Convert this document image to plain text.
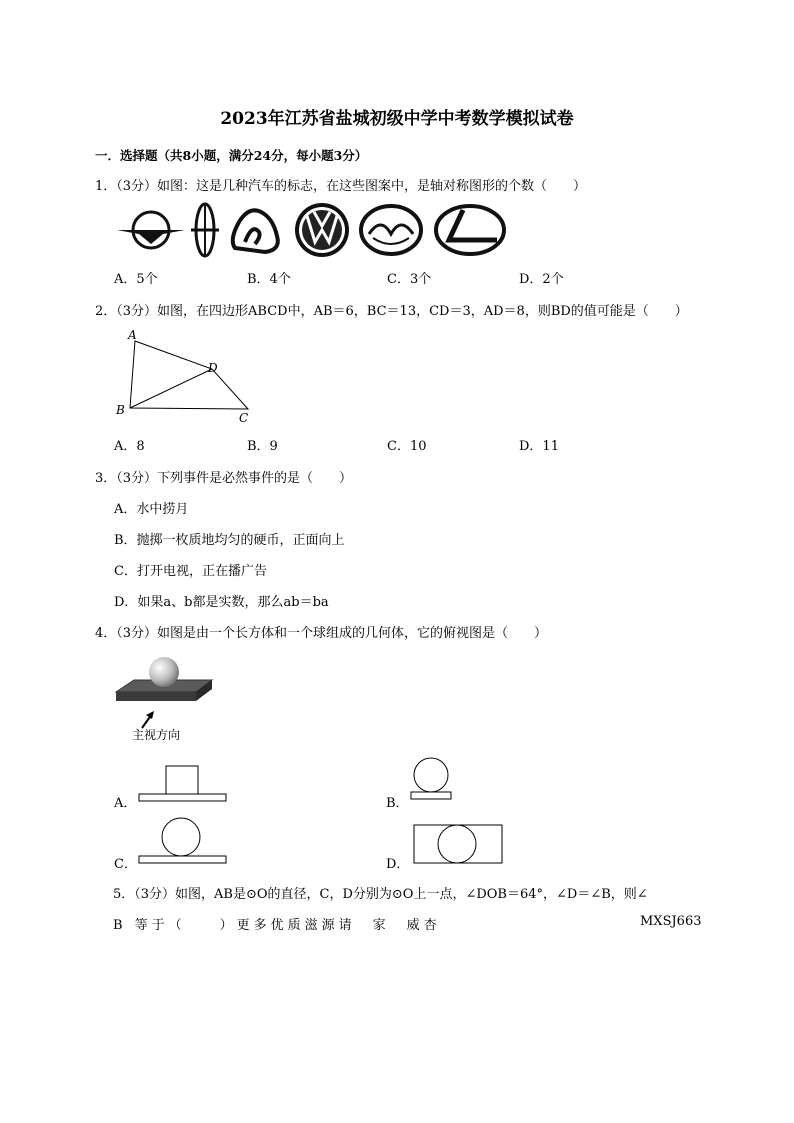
2023年江苏省盐城初级中学中考数学模拟试卷
一．选择题（共8小题，满分24分，每小题3分）
1．（3分）如图：这是几种汽车的标志，在这些图案中，是轴对称图形的个数（　　）
A．5个	B．4个	C．3个	D．2个
2．（3分）如图，在四边形ABCD中，AB＝6，BC＝13，CD＝3，AD＝8，则BD的值可能是（　　）
A
B
C
D
A．8	B．9	C．10	D．11
3．（3分）下列事件是必然事件的是（　　）
A．水中捞月
B．抛掷一枚质地均匀的硬币，正面向上
C．打开电视，正在播广告
D．如果a、b都是实数，那么ab＝ba
4．（3分）如图是由一个长方体和一个球组成的几何体，它的俯视图是（　　）
主视方向
A．	B．
C．	D．
5．（3分）如图，AB是⊙O的直径，C，D分别为⊙O上一点，∠DOB＝64°，∠D＝∠B，则∠
B 等于（　　）更多优质滋源请　家　威杏	MXSJ663
